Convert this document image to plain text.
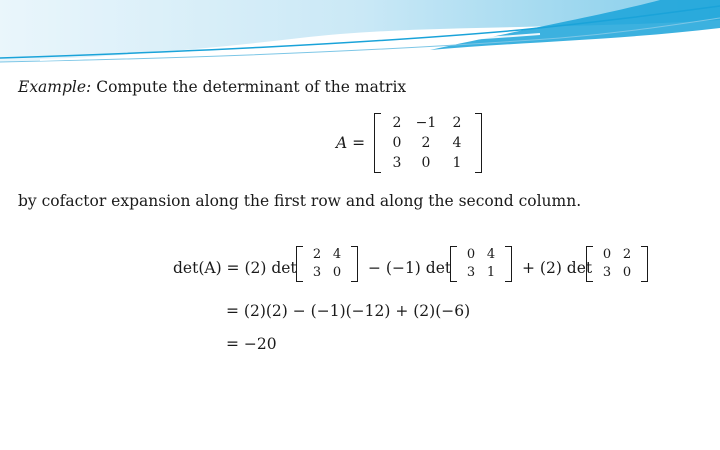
Example: Compute the determinant of the matrix
A =
2	−1	2
0	2	4
3	0	1
by cofactor expansion along the first row and along the second column.
det(A) = (2) det
2 4
3 0	− (−1) det
0 4
3 1	+ (2) det
0 2
3 0
= (2)(2) − (−1)(−12) + (2)(−6)
= −20
